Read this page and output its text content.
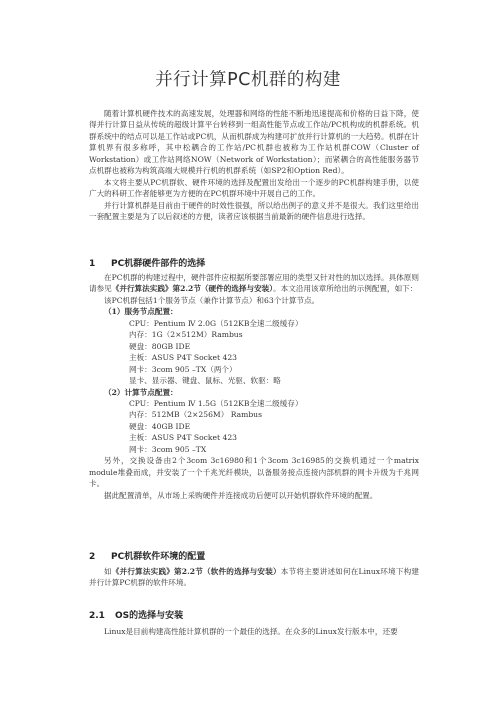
并行计算PC机群的构建

随着计算机硬件技术的高速发展，处理器和网络的性能不断地迅速提高和价格的日益下降，使得并行计算日益从传统的超级计算平台转移到一组高性能节点或工作站/PC机构成的机群系统。机群系统中的结点可以是工作站或PC机，从而机群成为构建可扩放并行计算机的一大趋势。机群在计算机界有很多称呼，其中松耦合的工作站/PC机群也被称为工作站机群COW（Cluster of Workstation）或工作站网络NOW（Network of Workstation）；而紧耦合的高性能服务器节点机群也被称为构筑高端大规模并行机的机群系统（如SP2和Option Red）。

本文将主要从PC机群软、硬件环境的选择及配置出发给出一个逐步的PC机群构建手册，以使广大的科研工作者能够更为方便的在PC机群环境中开展自己的工作。

并行计算机群是目前由于硬件的时效性很强，所以给出例子的意义并不是很大。我们这里给出一套配置主要是为了以后叙述的方便，读者应该根据当前最新的硬件信息进行选择。

1 PC机群硬件部件的选择

在PC机群的构建过程中，硬件部件应根据所要部署应用的类型又针对性的加以选择。具体原则请参见《并行算法实践》第2.2节（硬件的选择与安装）。本文沿用该章所给出的示例配置，如下：

该PC机群包括1个服务节点（兼作计算节点）和63个计算节点。

（1）服务节点配置：
CPU：Pentium Ⅳ 2.0G（512KB全速二级缓存）
内存：1G（2×512M）Rambus
硬盘：80GB IDE
主板：ASUS P4T Socket 423
网卡：3com 905 –TX（两个）
显卡、显示器、键盘、鼠标、光驱、软驱：略
（2）计算节点配置：
CPU：Pentium Ⅳ 1.5G（512KB全速二级缓存）
内存：512MB（2×256M） Rambus
硬盘：40GB IDE
主板：ASUS P4T Socket 423
网卡：3com 905 –TX

另外，交换设备由2个3com 3c16980和1个3com 3c16985的交换机通过一个matrix module堆叠而成，并安装了一个千兆光纤模块，以备服务接点连接内部机群的网卡升级为千兆网卡。

据此配置清单，从市场上采购硬件并连接成功后便可以开始机群软件环境的配置。

2 PC机群软件环境的配置

如《并行算法实践》第2.2节（软件的选择与安装）本节将主要讲述如何在Linux环境下构建并行计算PC机群的软件环境。

2.1 OS的选择与安装

Linux是目前构建高性能计算机群的一个最佳的选择。在众多的Linux发行版本中，还要
